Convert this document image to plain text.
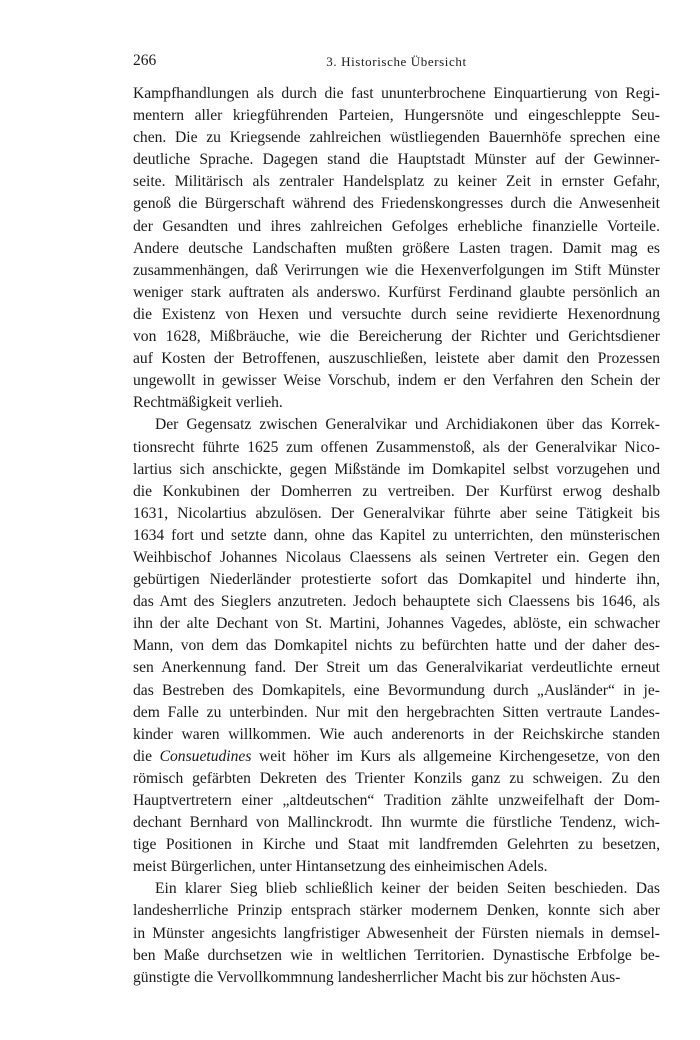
266	3. Historische Übersicht
Kampfhandlungen als durch die fast ununterbrochene Einquartierung von Regi-
mentern aller kriegführenden Parteien, Hungersnöte und eingeschleppte Seu-
chen. Die zu Kriegsende zahlreichen wüstliegenden Bauernhöfe sprechen eine
deutliche Sprache. Dagegen stand die Hauptstadt Münster auf der Gewinner-
seite. Militärisch als zentraler Handelsplatz zu keiner Zeit in ernster Gefahr,
genoß die Bürgerschaft während des Friedenskongresses durch die Anwesenheit
der Gesandten und ihres zahlreichen Gefolges erhebliche finanzielle Vorteile.
Andere deutsche Landschaften mußten größere Lasten tragen. Damit mag es
zusammenhängen, daß Verirrungen wie die Hexenverfolgungen im Stift Münster
weniger stark auftraten als anderswo. Kurfürst Ferdinand glaubte persönlich an
die Existenz von Hexen und versuchte durch seine revidierte Hexenordnung
von 1628, Mißbräuche, wie die Bereicherung der Richter und Gerichtsdiener
auf Kosten der Betroffenen, auszuschließen, leistete aber damit den Prozessen
ungewollt in gewisser Weise Vorschub, indem er den Verfahren den Schein der
Rechtmäßigkeit verlieh.
Der Gegensatz zwischen Generalvikar und Archidiakonen über das Korrek-
tionsrecht führte 1625 zum offenen Zusammenstoß, als der Generalvikar Nico-
lartius sich anschickte, gegen Mißstände im Domkapitel selbst vorzugehen und
die Konkubinen der Domherren zu vertreiben. Der Kurfürst erwog deshalb
1631, Nicolartius abzulösen. Der Generalvikar führte aber seine Tätigkeit bis
1634 fort und setzte dann, ohne das Kapitel zu unterrichten, den münsterischen
Weihbischof Johannes Nicolaus Claessens als seinen Vertreter ein. Gegen den
gebürtigen Niederländer protestierte sofort das Domkapitel und hinderte ihn,
das Amt des Sieglers anzutreten. Jedoch behauptete sich Claessens bis 1646, als
ihn der alte Dechant von St. Martini, Johannes Vagedes, ablöste, ein schwacher
Mann, von dem das Domkapitel nichts zu befürchten hatte und der daher des-
sen Anerkennung fand. Der Streit um das Generalvikariat verdeutlichte erneut
das Bestreben des Domkapitels, eine Bevormundung durch „Ausländer“ in je-
dem Falle zu unterbinden. Nur mit den hergebrachten Sitten vertraute Landes-
kinder waren willkommen. Wie auch anderenorts in der Reichskirche standen
die Consuetudines weit höher im Kurs als allgemeine Kirchengesetze, von den
römisch gefärbten Dekreten des Trienter Konzils ganz zu schweigen. Zu den
Hauptvertretern einer „altdeutschen“ Tradition zählte unzweifelhaft der Dom-
dechant Bernhard von Mallinckrodt. Ihn wurmte die fürstliche Tendenz, wich-
tige Positionen in Kirche und Staat mit landfremden Gelehrten zu besetzen,
meist Bürgerlichen, unter Hintansetzung des einheimischen Adels.
Ein klarer Sieg blieb schließlich keiner der beiden Seiten beschieden. Das
landesherrliche Prinzip entsprach stärker modernem Denken, konnte sich aber
in Münster angesichts langfristiger Abwesenheit der Fürsten niemals in demsel-
ben Maße durchsetzen wie in weltlichen Territorien. Dynastische Erbfolge be-
günstigte die Vervollkommnung landesherrlicher Macht bis zur höchsten Aus-
